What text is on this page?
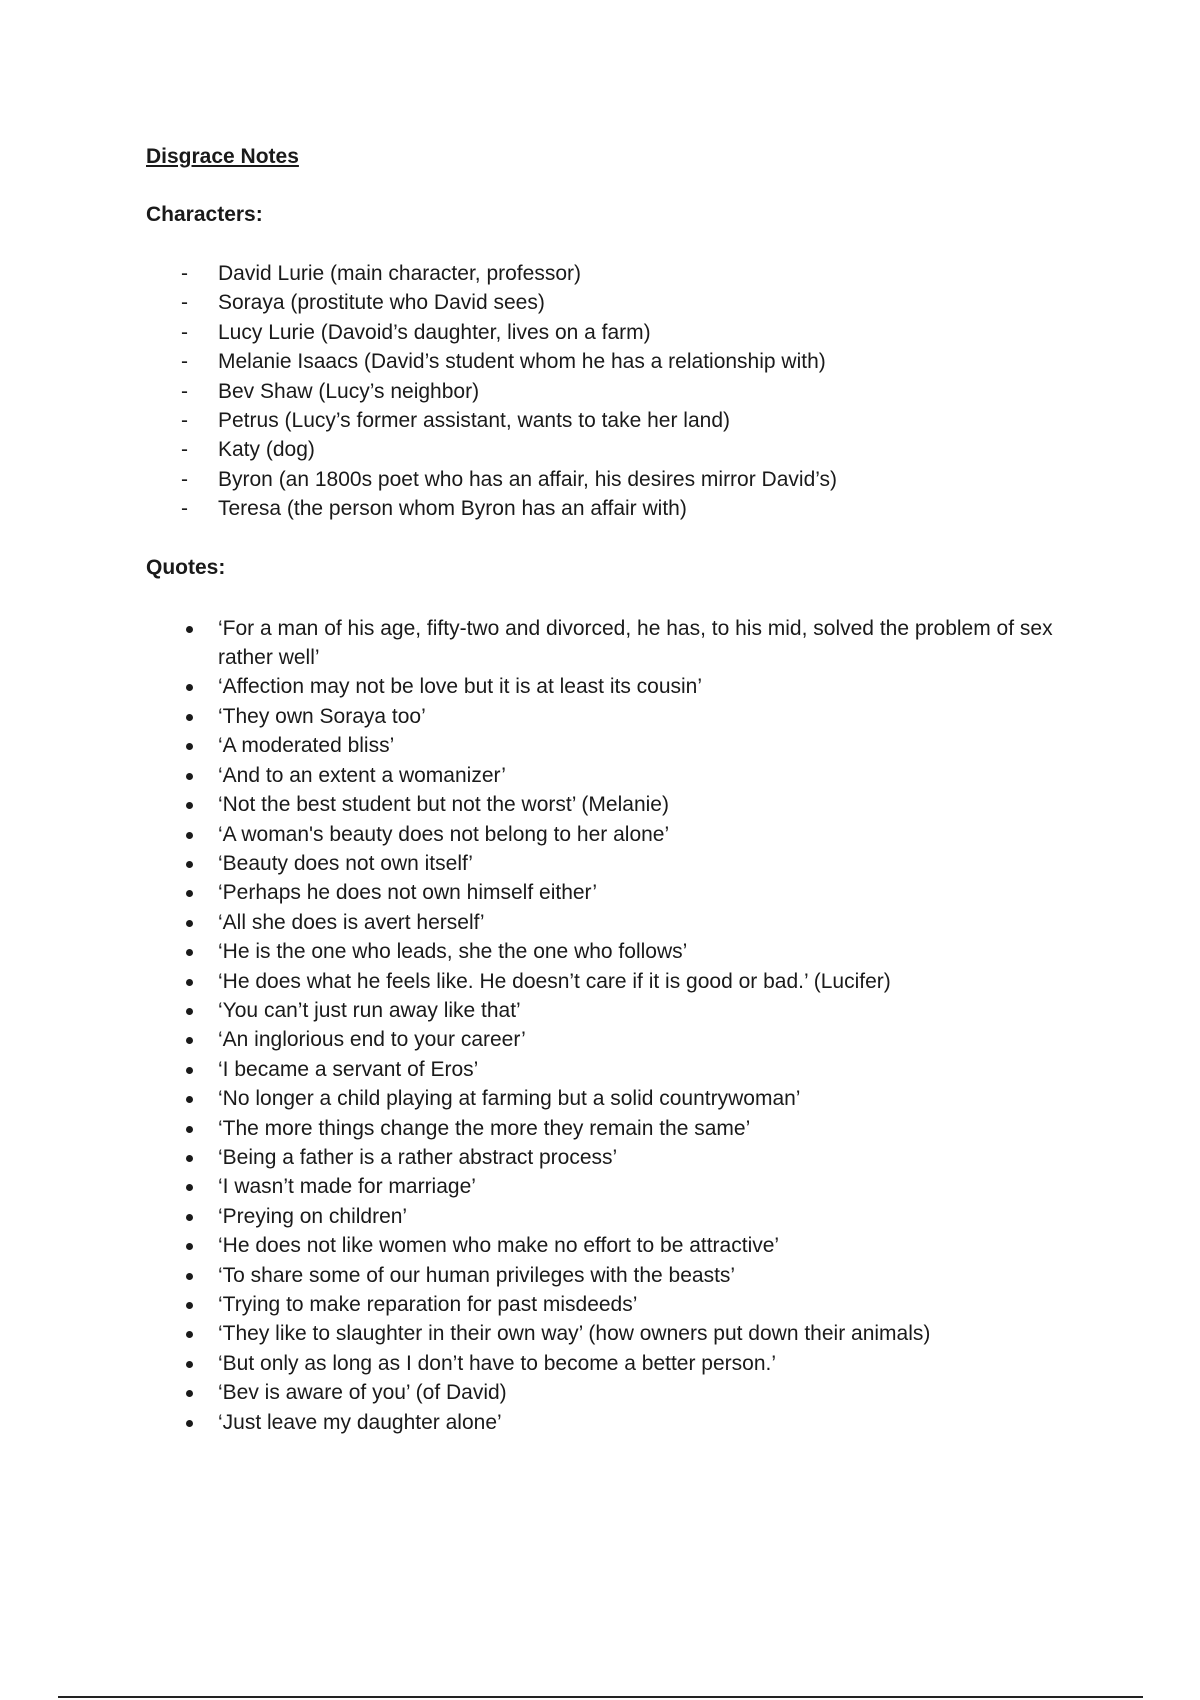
Disgrace Notes
Characters:
- David Lurie (main character, professor)
- Soraya (prostitute who David sees)
- Lucy Lurie (Davoid’s daughter, lives on a farm)
- Melanie Isaacs (David’s student whom he has a relationship with)
- Bev Shaw (Lucy’s neighbor)
- Petrus (Lucy’s former assistant, wants to take her land)
- Katy (dog)
- Byron (an 1800s poet who has an affair, his desires mirror David’s)
- Teresa (the person whom Byron has an affair with)
Quotes:
‘For a man of his age, fifty-two and divorced, he has, to his mid, solved the problem of sex rather well’
‘Affection may not be love but it is at least its cousin’
‘They own Soraya too’
‘A moderated bliss’
‘And to an extent a womanizer’
‘Not the best student but not the worst’ (Melanie)
‘A woman's beauty does not belong to her alone’
‘Beauty does not own itself’
‘Perhaps he does not own himself either’
‘All she does is avert herself’
‘He is the one who leads, she the one who follows’
‘He does what he feels like. He doesn’t care if it is good or bad.’ (Lucifer)
‘You can’t just run away like that’
‘An inglorious end to your career’
‘I became a servant of Eros’
‘No longer a child playing at farming but a solid countrywoman’
‘The more things change the more they remain the same’
‘Being a father is a rather abstract process’
‘I wasn’t made for marriage’
‘Preying on children’
‘He does not like women who make no effort to be attractive’
‘To share some of our human privileges with the beasts’
‘Trying to make reparation for past misdeeds’
‘They like to slaughter in their own way’ (how owners put down their animals)
‘But only as long as I don’t have to become a better person.’
‘Bev is aware of you’ (of David)
‘Just leave my daughter alone’
